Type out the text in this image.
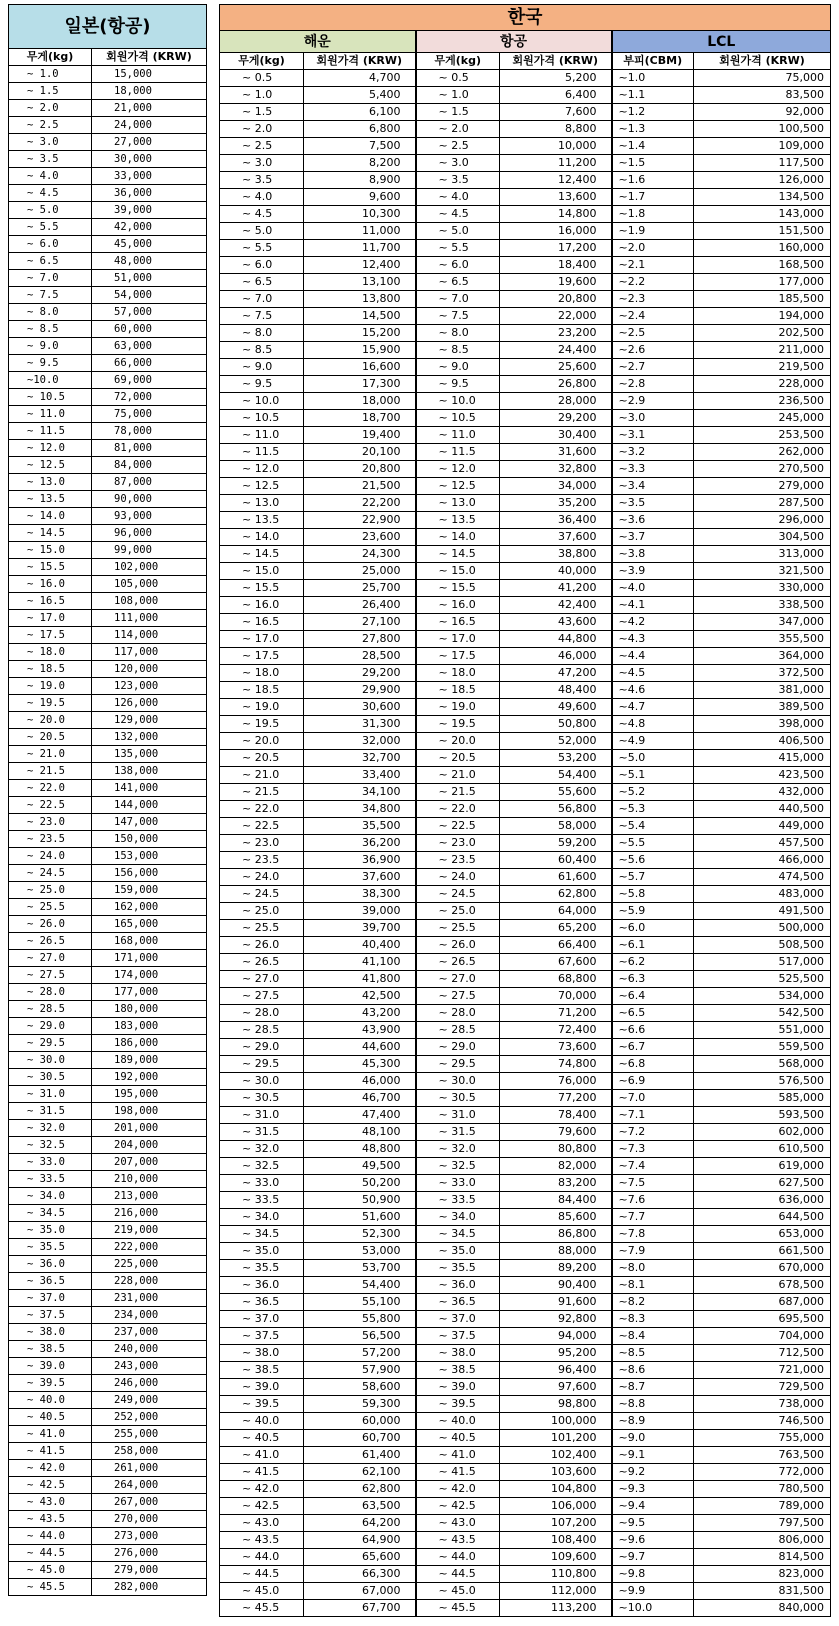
일본(항공)	
무게(kg)	회원가격 (KRW)
~ 1.0	15,000
~ 1.5	18,000
~ 2.0	21,000
~ 2.5	24,000
~ 3.0	27,000
~ 3.5	30,000
~ 4.0	33,000
~ 4.5	36,000
~ 5.0	39,000
~ 5.5	42,000
~ 6.0	45,000
~ 6.5	48,000
~ 7.0	51,000
~ 7.5	54,000
~ 8.0	57,000
~ 8.5	60,000
~ 9.0	63,000
~ 9.5	66,000
~10.0	69,000
~ 10.5	72,000
~ 11.0	75,000
~ 11.5	78,000
~ 12.0	81,000
~ 12.5	84,000
~ 13.0	87,000
~ 13.5	90,000
~ 14.0	93,000
~ 14.5	96,000
~ 15.0	99,000
~ 15.5	102,000
~ 16.0	105,000
~ 16.5	108,000
~ 17.0	111,000
~ 17.5	114,000
~ 18.0	117,000
~ 18.5	120,000
~ 19.0	123,000
~ 19.5	126,000
~ 20.0	129,000
~ 20.5	132,000
~ 21.0	135,000
~ 21.5	138,000
~ 22.0	141,000
~ 22.5	144,000
~ 23.0	147,000
~ 23.5	150,000
~ 24.0	153,000
~ 24.5	156,000
~ 25.0	159,000
~ 25.5	162,000
~ 26.0	165,000
~ 26.5	168,000
~ 27.0	171,000
~ 27.5	174,000
~ 28.0	177,000
~ 28.5	180,000
~ 29.0	183,000
~ 29.5	186,000
~ 30.0	189,000
~ 30.5	192,000
~ 31.0	195,000
~ 31.5	198,000
~ 32.0	201,000
~ 32.5	204,000
~ 33.0	207,000
~ 33.5	210,000
~ 34.0	213,000
~ 34.5	216,000
~ 35.0	219,000
~ 35.5	222,000
~ 36.0	225,000
~ 36.5	228,000
~ 37.0	231,000
~ 37.5	234,000
~ 38.0	237,000
~ 38.5	240,000
~ 39.0	243,000
~ 39.5	246,000
~ 40.0	249,000
~ 40.5	252,000
~ 41.0	255,000
~ 41.5	258,000
~ 42.0	261,000
~ 42.5	264,000
~ 43.0	267,000
~ 43.5	270,000
~ 44.0	273,000
~ 44.5	276,000
~ 45.0	279,000
~ 45.5	282,000
한국					
해운		항공		LCL	
무게(kg)	회원가격 (KRW)	무게(kg)	회원가격 (KRW)	부피(CBM)	회원가격 (KRW)
~ 0.5	4,700	~ 0.5	5,200	~1.0	75,000
~ 1.0	5,400	~ 1.0	6,400	~1.1	83,500
~ 1.5	6,100	~ 1.5	7,600	~1.2	92,000
~ 2.0	6,800	~ 2.0	8,800	~1.3	100,500
~ 2.5	7,500	~ 2.5	10,000	~1.4	109,000
~ 3.0	8,200	~ 3.0	11,200	~1.5	117,500
~ 3.5	8,900	~ 3.5	12,400	~1.6	126,000
~ 4.0	9,600	~ 4.0	13,600	~1.7	134,500
~ 4.5	10,300	~ 4.5	14,800	~1.8	143,000
~ 5.0	11,000	~ 5.0	16,000	~1.9	151,500
~ 5.5	11,700	~ 5.5	17,200	~2.0	160,000
~ 6.0	12,400	~ 6.0	18,400	~2.1	168,500
~ 6.5	13,100	~ 6.5	19,600	~2.2	177,000
~ 7.0	13,800	~ 7.0	20,800	~2.3	185,500
~ 7.5	14,500	~ 7.5	22,000	~2.4	194,000
~ 8.0	15,200	~ 8.0	23,200	~2.5	202,500
~ 8.5	15,900	~ 8.5	24,400	~2.6	211,000
~ 9.0	16,600	~ 9.0	25,600	~2.7	219,500
~ 9.5	17,300	~ 9.5	26,800	~2.8	228,000
~ 10.0	18,000	~ 10.0	28,000	~2.9	236,500
~ 10.5	18,700	~ 10.5	29,200	~3.0	245,000
~ 11.0	19,400	~ 11.0	30,400	~3.1	253,500
~ 11.5	20,100	~ 11.5	31,600	~3.2	262,000
~ 12.0	20,800	~ 12.0	32,800	~3.3	270,500
~ 12.5	21,500	~ 12.5	34,000	~3.4	279,000
~ 13.0	22,200	~ 13.0	35,200	~3.5	287,500
~ 13.5	22,900	~ 13.5	36,400	~3.6	296,000
~ 14.0	23,600	~ 14.0	37,600	~3.7	304,500
~ 14.5	24,300	~ 14.5	38,800	~3.8	313,000
~ 15.0	25,000	~ 15.0	40,000	~3.9	321,500
~ 15.5	25,700	~ 15.5	41,200	~4.0	330,000
~ 16.0	26,400	~ 16.0	42,400	~4.1	338,500
~ 16.5	27,100	~ 16.5	43,600	~4.2	347,000
~ 17.0	27,800	~ 17.0	44,800	~4.3	355,500
~ 17.5	28,500	~ 17.5	46,000	~4.4	364,000
~ 18.0	29,200	~ 18.0	47,200	~4.5	372,500
~ 18.5	29,900	~ 18.5	48,400	~4.6	381,000
~ 19.0	30,600	~ 19.0	49,600	~4.7	389,500
~ 19.5	31,300	~ 19.5	50,800	~4.8	398,000
~ 20.0	32,000	~ 20.0	52,000	~4.9	406,500
~ 20.5	32,700	~ 20.5	53,200	~5.0	415,000
~ 21.0	33,400	~ 21.0	54,400	~5.1	423,500
~ 21.5	34,100	~ 21.5	55,600	~5.2	432,000
~ 22.0	34,800	~ 22.0	56,800	~5.3	440,500
~ 22.5	35,500	~ 22.5	58,000	~5.4	449,000
~ 23.0	36,200	~ 23.0	59,200	~5.5	457,500
~ 23.5	36,900	~ 23.5	60,400	~5.6	466,000
~ 24.0	37,600	~ 24.0	61,600	~5.7	474,500
~ 24.5	38,300	~ 24.5	62,800	~5.8	483,000
~ 25.0	39,000	~ 25.0	64,000	~5.9	491,500
~ 25.5	39,700	~ 25.5	65,200	~6.0	500,000
~ 26.0	40,400	~ 26.0	66,400	~6.1	508,500
~ 26.5	41,100	~ 26.5	67,600	~6.2	517,000
~ 27.0	41,800	~ 27.0	68,800	~6.3	525,500
~ 27.5	42,500	~ 27.5	70,000	~6.4	534,000
~ 28.0	43,200	~ 28.0	71,200	~6.5	542,500
~ 28.5	43,900	~ 28.5	72,400	~6.6	551,000
~ 29.0	44,600	~ 29.0	73,600	~6.7	559,500
~ 29.5	45,300	~ 29.5	74,800	~6.8	568,000
~ 30.0	46,000	~ 30.0	76,000	~6.9	576,500
~ 30.5	46,700	~ 30.5	77,200	~7.0	585,000
~ 31.0	47,400	~ 31.0	78,400	~7.1	593,500
~ 31.5	48,100	~ 31.5	79,600	~7.2	602,000
~ 32.0	48,800	~ 32.0	80,800	~7.3	610,500
~ 32.5	49,500	~ 32.5	82,000	~7.4	619,000
~ 33.0	50,200	~ 33.0	83,200	~7.5	627,500
~ 33.5	50,900	~ 33.5	84,400	~7.6	636,000
~ 34.0	51,600	~ 34.0	85,600	~7.7	644,500
~ 34.5	52,300	~ 34.5	86,800	~7.8	653,000
~ 35.0	53,000	~ 35.0	88,000	~7.9	661,500
~ 35.5	53,700	~ 35.5	89,200	~8.0	670,000
~ 36.0	54,400	~ 36.0	90,400	~8.1	678,500
~ 36.5	55,100	~ 36.5	91,600	~8.2	687,000
~ 37.0	55,800	~ 37.0	92,800	~8.3	695,500
~ 37.5	56,500	~ 37.5	94,000	~8.4	704,000
~ 38.0	57,200	~ 38.0	95,200	~8.5	712,500
~ 38.5	57,900	~ 38.5	96,400	~8.6	721,000
~ 39.0	58,600	~ 39.0	97,600	~8.7	729,500
~ 39.5	59,300	~ 39.5	98,800	~8.8	738,000
~ 40.0	60,000	~ 40.0	100,000	~8.9	746,500
~ 40.5	60,700	~ 40.5	101,200	~9.0	755,000
~ 41.0	61,400	~ 41.0	102,400	~9.1	763,500
~ 41.5	62,100	~ 41.5	103,600	~9.2	772,000
~ 42.0	62,800	~ 42.0	104,800	~9.3	780,500
~ 42.5	63,500	~ 42.5	106,000	~9.4	789,000
~ 43.0	64,200	~ 43.0	107,200	~9.5	797,500
~ 43.5	64,900	~ 43.5	108,400	~9.6	806,000
~ 44.0	65,600	~ 44.0	109,600	~9.7	814,500
~ 44.5	66,300	~ 44.5	110,800	~9.8	823,000
~ 45.0	67,000	~ 45.0	112,000	~9.9	831,500
~ 45.5	67,700	~ 45.5	113,200	~10.0	840,000
